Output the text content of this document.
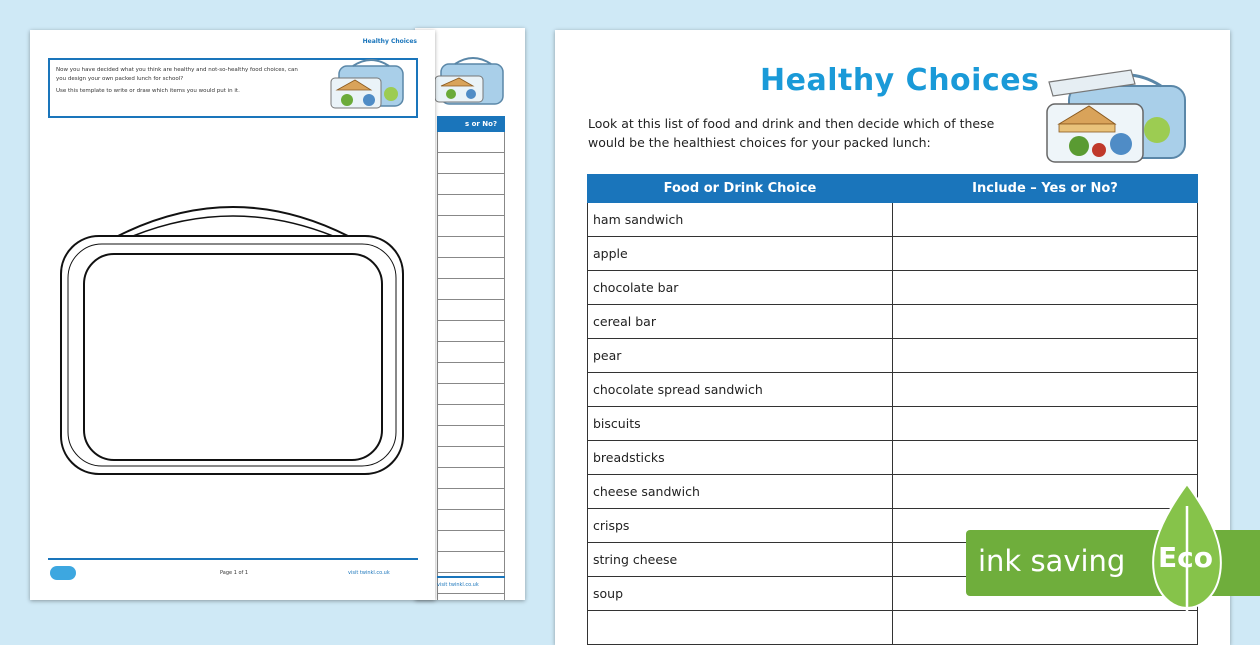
s or No?
visit twinkl.co.uk
Healthy Choices

Now you have decided what you think are healthy and not-so-healthy food choices, can you design your own packed lunch for school?

Use this template to write or draw which items you would put in it.

Page 1 of 1	visit twinkl.co.uk
Healthy Choices
Look at this list of food and drink and then decide which of these would be the healthiest choices for your packed lunch:
Food or Drink Choice	Include – Yes or No?
ham sandwich	
apple	
chocolate bar	
cereal bar	
pear	
chocolate spread sandwich	
biscuits	
breadsticks	
cheese sandwich	
crisps	
string cheese	
soup	

ink saving Eco
